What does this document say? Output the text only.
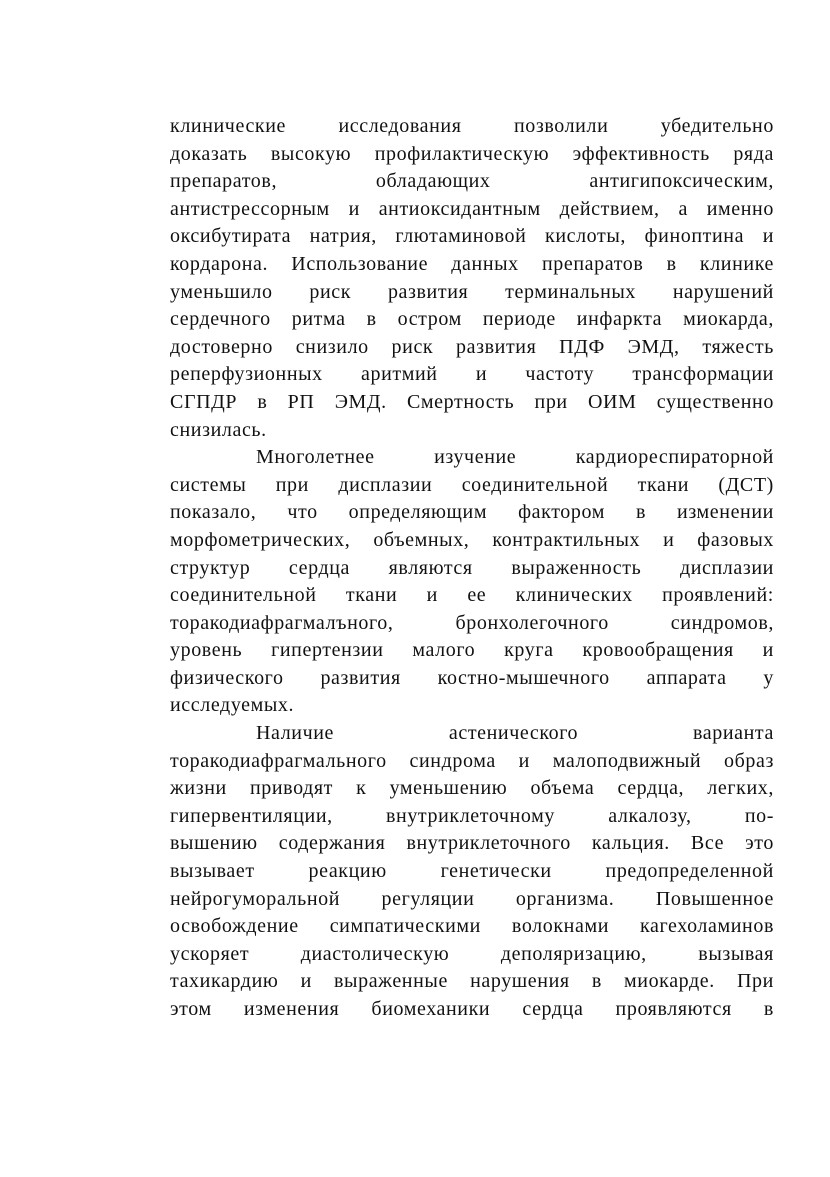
клинические	исследования	позволили	убедительно
доказать высокую профилактическую эффективность ряда
препаратов,	обладающих	антигипоксическим,
антистрессорным и антиоксидантным действием, а именно
оксибутирата натрия, глютаминовой кислоты, финоптина и
кордарона. Использование данных препаратов в клинике
уменьшило риск развития терминальных нарушений
сердечного ритма в остром периоде инфаркта миокарда,
достоверно снизило риск развития ПДФ ЭМД, тяжесть
реперфузионных аритмий и частоту трансформации
СГПДР в РП ЭМД. Смертность при ОИМ существенно
снизилась.
Многолетнее	изучение	кардиореспираторной
системы при дисплазии соединительной ткани (ДСТ)
показало, что определяющим фактором в изменении
морфометрических, объемных, контрактильных и фазовых
структур сердца являются выраженность дисплазии
соединительной ткани и ее клинических проявлений:
торакодиафрагмалъного,	бронхолегочного	синдромов,
уровень гипертензии малого круга кровообращения и
физического развития костно-мышечного аппарата у
исследуемых.
Наличие	астенического	варианта
торакодиафрагмального синдрома и малоподвижный образ
жизни приводят к уменьшению объема сердца, легких,
гипервентиляции,	внутриклеточному	алкалозу,	по-
вышению содержания внутриклеточного кальция. Все это
вызывает	реакцию	генетически	предопределенной
нейрогуморальной регуляции организма. Повышенное
освобождение симпатическими волокнами кагехоламинов
ускоряет	диастолическую	деполяризацию,	вызывая
тахикардию и выраженные нарушения в миокарде. При
этом изменения биомеханики сердца проявляются в
